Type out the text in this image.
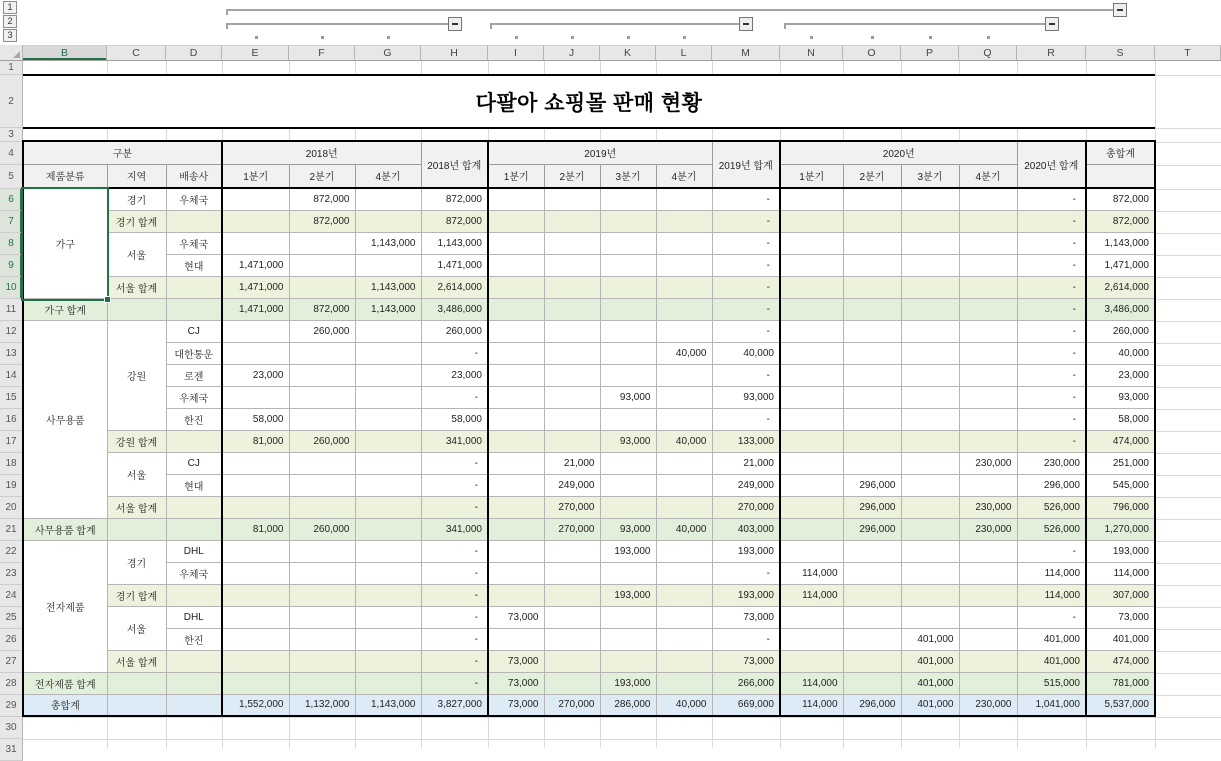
1
2
3
B	C	D	E	F	G	H	I	J	K	L	M	N	O	P	Q	R	S	T
1
2
3
4
5
6
7
8
9
10
11
12
13
14
15
16
17
18
19
20
21
22
23
24
25
26
27
28
29
30
31
다팔아 쇼핑몰 판매 현황
구분			2018년			2018년 합계	2019년				2019년 합계	2020년				2020년 합계	총합계
제품분류	지역	배송사	1분기	2분기	4분기		1분기	2분기	3분기	4분기		1분기	2분기	3분기	4분기		
가구	경기	우체국		872,000		872,000					-					-	872,000
	경기 합계			872,000		872,000					-					-	872,000
	서울	우체국			1,143,000	1,143,000					-					-	1,143,000
		현대	1,471,000			1,471,000					-					-	1,471,000
	서울 합계		1,471,000		1,143,000	2,614,000					-					-	2,614,000
가구 합계			1,471,000	872,000	1,143,000	3,486,000					-					-	3,486,000
사무용품	강원	CJ		260,000		260,000					-					-	260,000
		대한통운				-				40,000	40,000					-	40,000
		로젠	23,000			23,000					-					-	23,000
		우체국				-			93,000		93,000					-	93,000
		한진	58,000			58,000					-					-	58,000
	강원 합계		81,000	260,000		341,000			93,000	40,000	133,000					-	474,000
	서울	CJ				-		21,000			21,000				230,000	230,000	251,000
		현대				-		249,000			249,000		296,000			296,000	545,000
	서울 합계					-		270,000			270,000		296,000		230,000	526,000	796,000
사무용품 합계			81,000	260,000		341,000		270,000	93,000	40,000	403,000		296,000		230,000	526,000	1,270,000
전자제품	경기	DHL				-			193,000		193,000					-	193,000
		우체국				-					-	114,000				114,000	114,000
	경기 합계					-			193,000		193,000	114,000				114,000	307,000
	서울	DHL				-	73,000				73,000					-	73,000
		한진				-					-			401,000		401,000	401,000
	서울 합계					-	73,000				73,000			401,000		401,000	474,000
전자제품 합계						-	73,000		193,000		266,000	114,000		401,000		515,000	781,000
총합계			1,552,000	1,132,000	1,143,000	3,827,000	73,000	270,000	286,000	40,000	669,000	114,000	296,000	401,000	230,000	1,041,000	5,537,000
